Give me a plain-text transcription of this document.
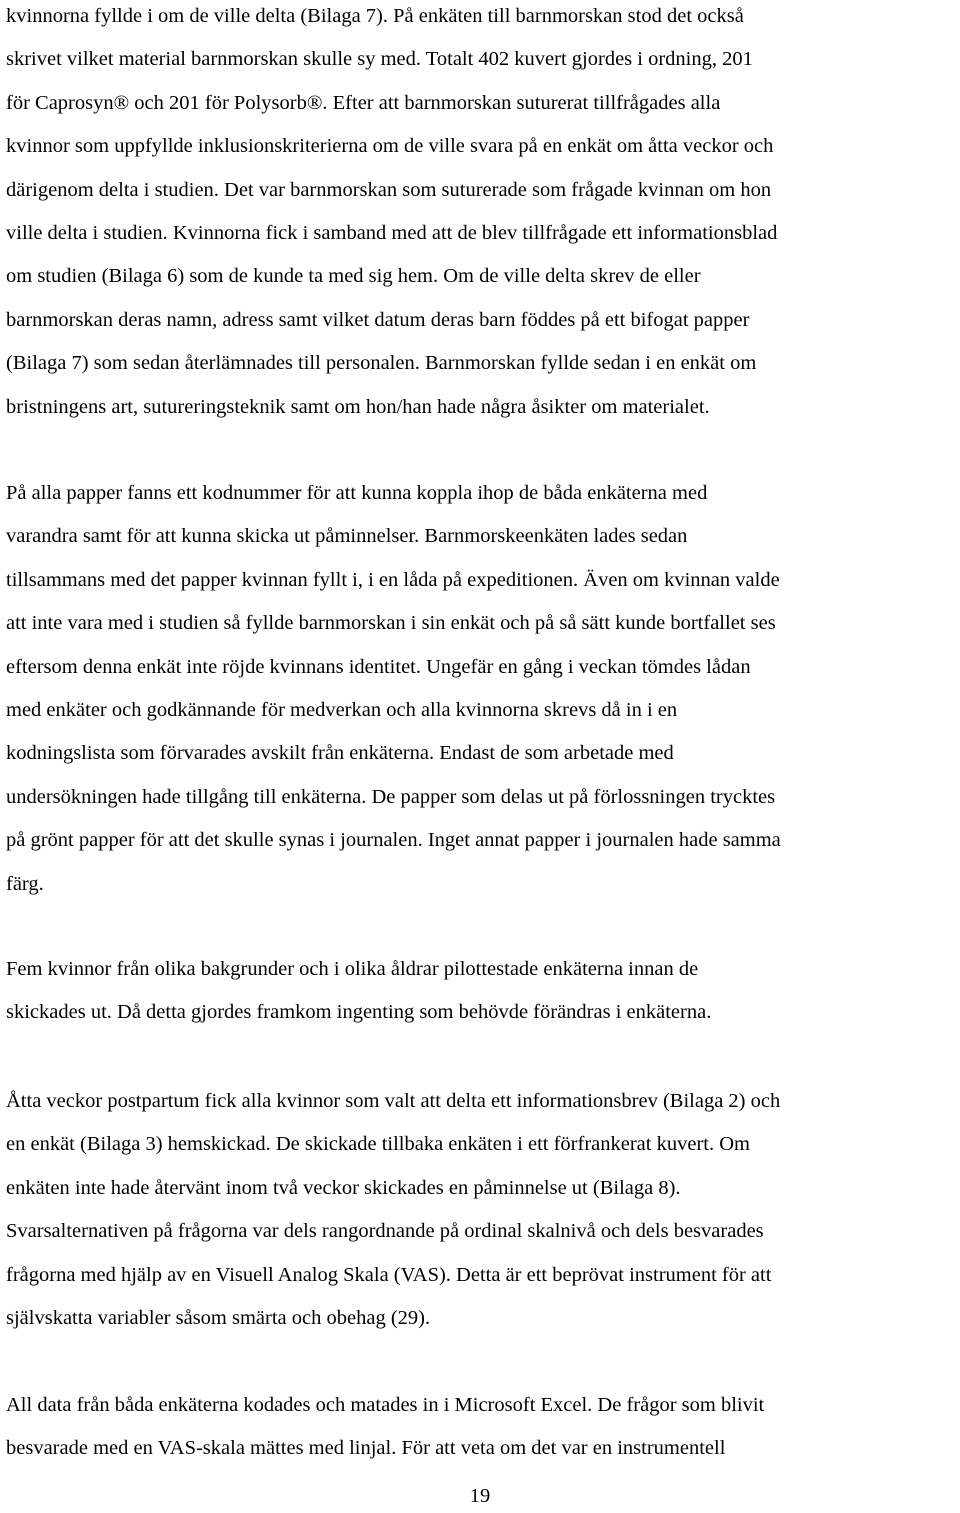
kvinnorna fyllde i om de ville delta (Bilaga 7). På enkäten till barnmorskan stod det också
skrivet vilket material barnmorskan skulle sy med. Totalt 402 kuvert gjordes i ordning, 201
för Caprosyn® och 201 för Polysorb®. Efter att barnmorskan suturerat tillfrågades alla
kvinnor som uppfyllde inklusionskriterierna om de ville svara på en enkät om åtta veckor och
därigenom delta i studien. Det var barnmorskan som suturerade som frågade kvinnan om hon
ville delta i studien. Kvinnorna fick i samband med att de blev tillfrågade ett informationsblad
om studien (Bilaga 6) som de kunde ta med sig hem. Om de ville delta skrev de eller
barnmorskan deras namn, adress samt vilket datum deras barn föddes på ett bifogat papper
(Bilaga 7) som sedan återlämnades till personalen. Barnmorskan fyllde sedan i en enkät om
bristningens art, sutureringsteknik samt om hon/han hade några åsikter om materialet.
På alla papper fanns ett kodnummer för att kunna koppla ihop de båda enkäterna med
varandra samt för att kunna skicka ut påminnelser. Barnmorskeenkäten lades sedan
tillsammans med det papper kvinnan fyllt i, i en låda på expeditionen. Även om kvinnan valde
att inte vara med i studien så fyllde barnmorskan i sin enkät och på så sätt kunde bortfallet ses
eftersom denna enkät inte röjde kvinnans identitet. Ungefär en gång i veckan tömdes lådan
med enkäter och godkännande för medverkan och alla kvinnorna skrevs då in i en
kodningslista som förvarades avskilt från enkäterna. Endast de som arbetade med
undersökningen hade tillgång till enkäterna. De papper som delas ut på förlossningen trycktes
på grönt papper för att det skulle synas i journalen. Inget annat papper i journalen hade samma
färg.
Fem kvinnor från olika bakgrunder och i olika åldrar pilottestade enkäterna innan de
skickades ut. Då detta gjordes framkom ingenting som behövde förändras i enkäterna.
Åtta veckor postpartum fick alla kvinnor som valt att delta ett informationsbrev (Bilaga 2) och
en enkät (Bilaga 3) hemskickad. De skickade tillbaka enkäten i ett förfrankerat kuvert. Om
enkäten inte hade återvänt inom två veckor skickades en påminnelse ut (Bilaga 8).
Svarsalternativen på frågorna var dels rangordnande på ordinal skalnivå och dels besvarades
frågorna med hjälp av en Visuell Analog Skala (VAS). Detta är ett beprövat instrument för att
självskatta variabler såsom smärta och obehag (29).
All data från båda enkäterna kodades och matades in i Microsoft Excel. De frågor som blivit
besvarade med en VAS-skala mättes med linjal. För att veta om det var en instrumentell
19
